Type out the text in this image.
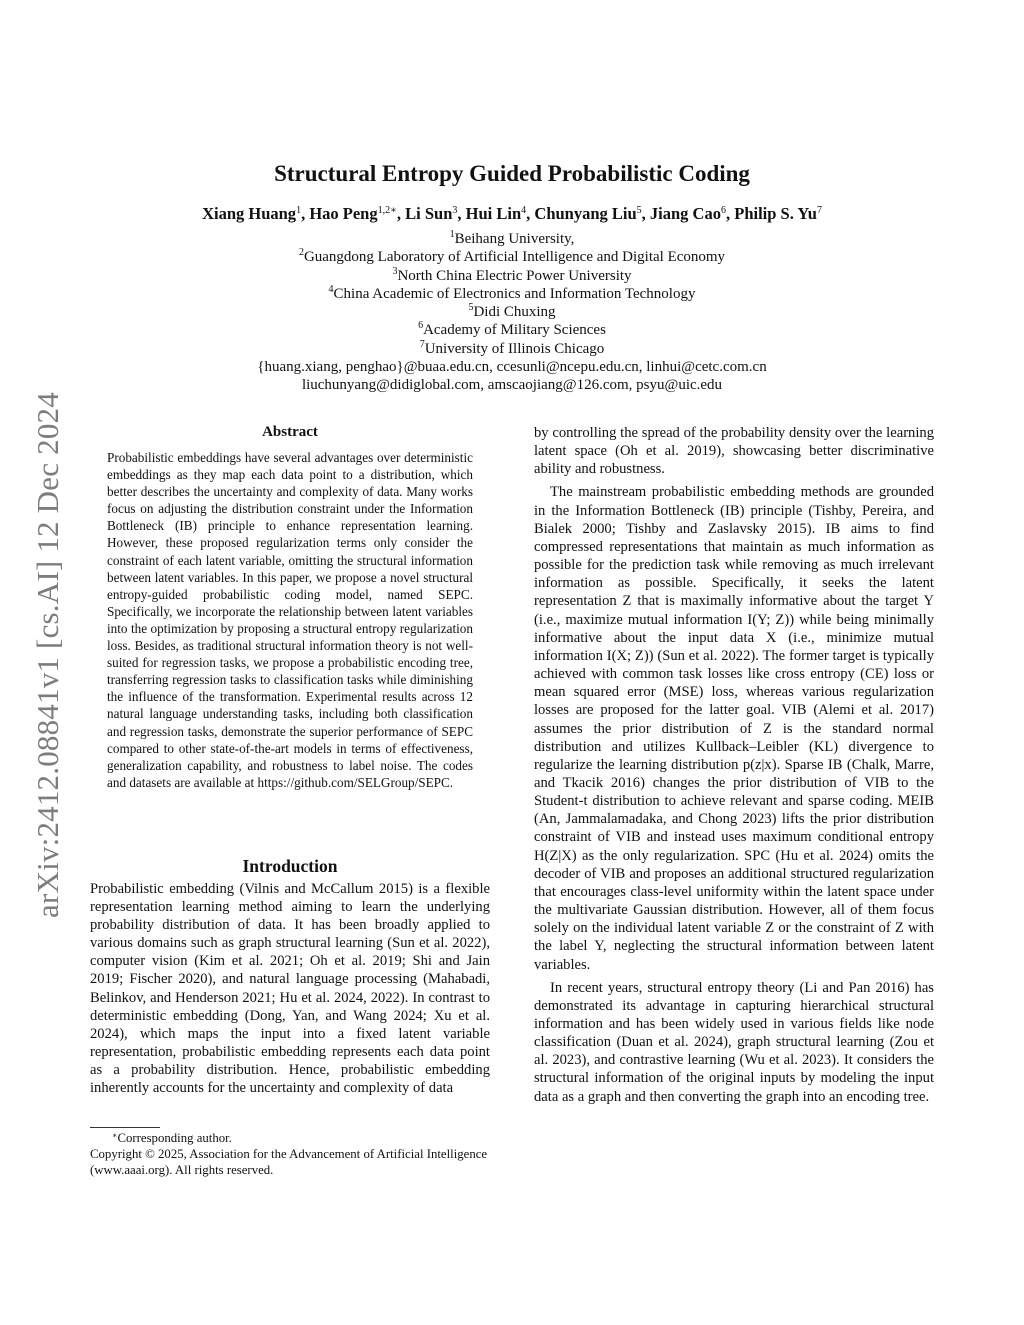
arXiv:2412.08841v1 [cs.AI] 12 Dec 2024
Structural Entropy Guided Probabilistic Coding
Xiang Huang$^1$, Hao Peng$^{1,2∗}$, Li Sun$^3$, Hui Lin$^4$, Chunyang Liu$^5$, Jiang Cao$^6$, Philip S. Yu$^7$
$^1$Beihang University,
$^2$Guangdong Laboratory of Artificial Intelligence and Digital Economy
$^3$North China Electric Power University
$^4$China Academic of Electronics and Information Technology
$^5$Didi Chuxing
$^6$Academy of Military Sciences
$^7$University of Illinois Chicago
{huang.xiang, penghao}@buaa.edu.cn, ccesunli@ncepu.edu.cn, linhui@cetc.com.cn
liuchunyang@didiglobal.com, amscaojiang@126.com, psyu@uic.edu
Abstract
Probabilistic embeddings have several advantages over deterministic embeddings as they map each data point to a distribution, which better describes the uncertainty and complexity of data. Many works focus on adjusting the distribution constraint under the Information Bottleneck (IB) principle to enhance representation learning. However, these proposed regularization terms only consider the constraint of each latent variable, omitting the structural information between latent variables. In this paper, we propose a novel structural entropy-guided probabilistic coding model, named SEPC. Specifically, we incorporate the relationship between latent variables into the optimization by proposing a structural entropy regularization loss. Besides, as traditional structural information theory is not well-suited for regression tasks, we propose a probabilistic encoding tree, transferring regression tasks to classification tasks while diminishing the influence of the transformation. Experimental results across 12 natural language understanding tasks, including both classification and regression tasks, demonstrate the superior performance of SEPC compared to other state-of-the-art models in terms of effectiveness, generalization capability, and robustness to label noise. The codes and datasets are available at https://github.com/SELGroup/SEPC.
Introduction
Probabilistic embedding (Vilnis and McCallum 2015) is a flexible representation learning method aiming to learn the underlying probability distribution of data. It has been broadly applied to various domains such as graph structural learning (Sun et al. 2022), computer vision (Kim et al. 2021; Oh et al. 2019; Shi and Jain 2019; Fischer 2020), and natural language processing (Mahabadi, Belinkov, and Henderson 2021; Hu et al. 2024, 2022). In contrast to deterministic embedding (Dong, Yan, and Wang 2024; Xu et al. 2024), which maps the input into a fixed latent variable representation, probabilistic embedding represents each data point as a probability distribution. Hence, probabilistic embedding inherently accounts for the uncertainty and complexity of data
∗Corresponding author.
Copyright © 2025, Association for the Advancement of Artificial Intelligence (www.aaai.org). All rights reserved.

by controlling the spread of the probability density over the learning latent space (Oh et al. 2019), showcasing better discriminative ability and robustness.

The mainstream probabilistic embedding methods are grounded in the Information Bottleneck (IB) principle (Tishby, Pereira, and Bialek 2000; Tishby and Zaslavsky 2015). IB aims to find compressed representations that maintain as much information as possible for the prediction task while removing as much irrelevant information as possible. Specifically, it seeks the latent representation Z that is maximally informative about the target Y (i.e., maximize mutual information I(Y; Z)) while being minimally informative about the input data X (i.e., minimize mutual information I(X; Z)) (Sun et al. 2022). The former target is typically achieved with common task losses like cross entropy (CE) loss or mean squared error (MSE) loss, whereas various regularization losses are proposed for the latter goal. VIB (Alemi et al. 2017) assumes the prior distribution of Z is the standard normal distribution and utilizes Kullback–Leibler (KL) divergence to regularize the learning distribution p(z|x). Sparse IB (Chalk, Marre, and Tkacik 2016) changes the prior distribution of VIB to the Student-t distribution to achieve relevant and sparse coding. MEIB (An, Jammalamadaka, and Chong 2023) lifts the prior distribution constraint of VIB and instead uses maximum conditional entropy H(Z|X) as the only regularization. SPC (Hu et al. 2024) omits the decoder of VIB and proposes an additional structured regularization that encourages class-level uniformity within the latent space under the multivariate Gaussian distribution. However, all of them focus solely on the individual latent variable Z or the constraint of Z with the label Y, neglecting the structural information between latent variables.

In recent years, structural entropy theory (Li and Pan 2016) has demonstrated its advantage in capturing hierarchical structural information and has been widely used in various fields like node classification (Duan et al. 2024), graph structural learning (Zou et al. 2023), and contrastive learning (Wu et al. 2023). It considers the structural information of the original inputs by modeling the input data as a graph and then converting the graph into an encoding tree.
